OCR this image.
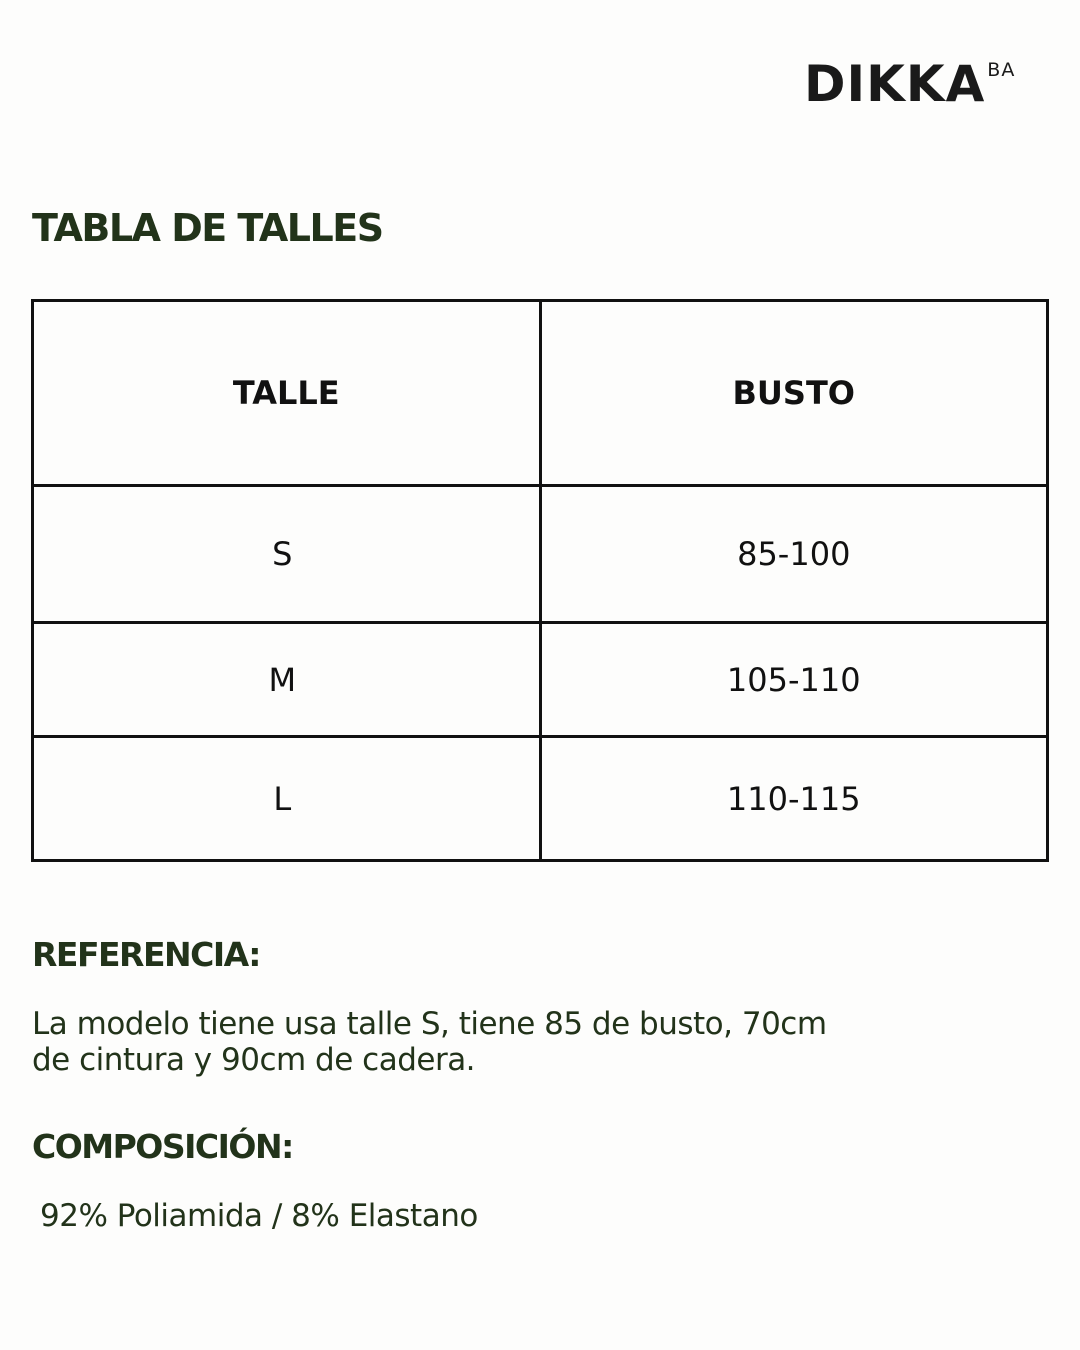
DIKKA BA
TABLA DE TALLES
TALLE	BUSTO
S	85-100
M	105-110
L	110-115
REFERENCIA:

La modelo tiene usa talle S, tiene 85 de busto, 70cm
de cintura y 90cm de cadera.

COMPOSICIÓN:

92% Poliamida / 8% Elastano
